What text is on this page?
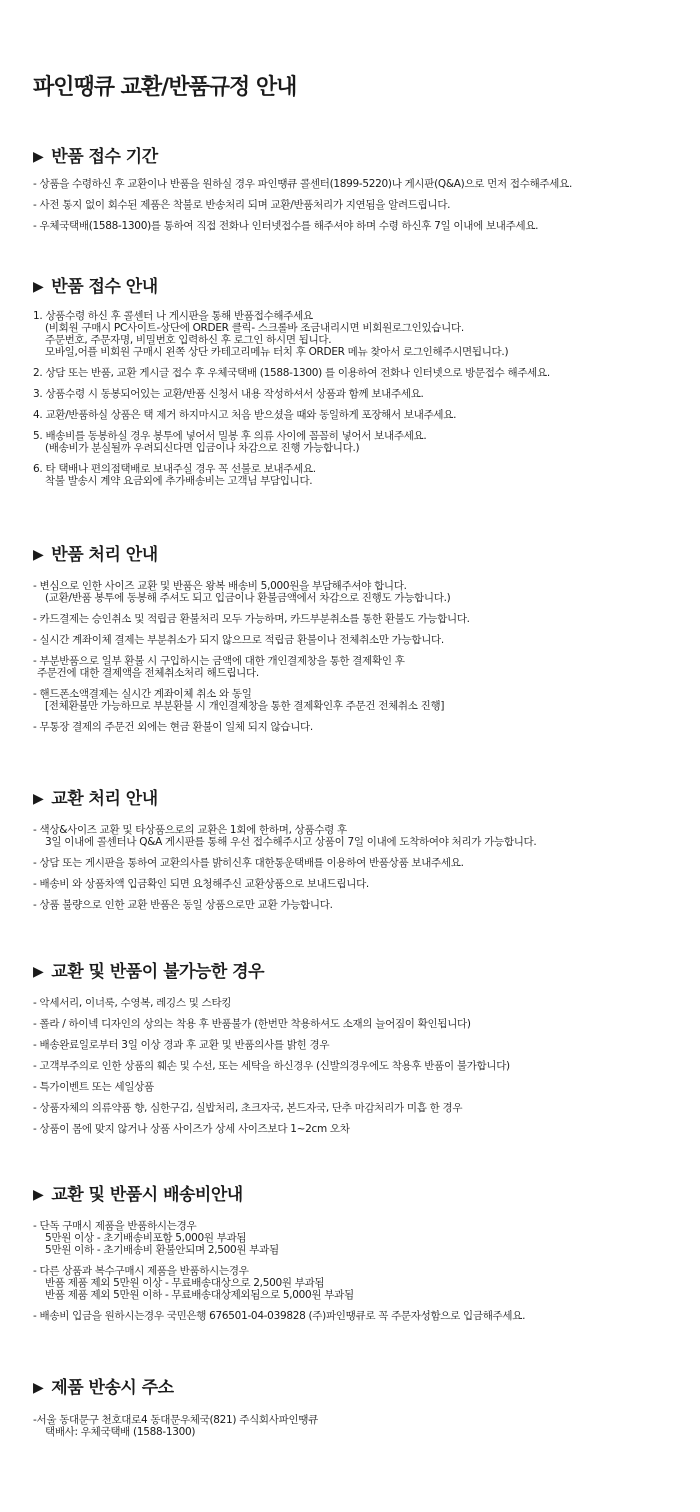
파인땡큐 교환/반품규정 안내
▶ 반품 접수 기간
- 상품을 수령하신 후 교환이나 반품을 원하실 경우 파인땡큐 콜센터(1899-5220)나 게시판(Q&A)으로 먼저 접수해주세요.
- 사전 통지 없이 회수된 제품은 착불로 반송처리 되며 교환/반품처리가 지연됨을 알려드립니다.
- 우체국택배(1588-1300)를 통하여 직접 전화나 인터넷접수를 해주셔야 하며 수령 하신후 7일 이내에 보내주세요.
▶ 반품 접수 안내
1. 상품수령 하신 후 콜센터 나 게시판을 통해 반품접수해주세요
(비회원 구매시 PC사이트-상단에 ORDER 클릭- 스크롤바 조금내리시면 비회원로그인있습니다.
주문번호, 주문자명, 비밀번호 입력하신 후 로그인 하시면 됩니다.
모바일,어플 비회원 구매시 왼쪽 상단 카테고리메뉴 터치 후 ORDER 메뉴 찾아서 로그인해주시면됩니다.)
2. 상담 또는 반품, 교환 게시글 접수 후 우체국택배 (1588-1300) 를 이용하여 전화나 인터넷으로 방문접수 해주세요.
3. 상품수령 시 동봉되어있는 교환/반품 신청서 내용 작성하셔서 상품과 함께 보내주세요.
4. 교환/반품하실 상품은 택 제거 하지마시고 처음 받으셨을 때와 동일하게 포장해서 보내주세요.
5. 배송비를 동봉하실 경우 봉투에 넣어서 밀봉 후 의류 사이에 꼼꼼히 넣어서 보내주세요.
(배송비가 분실될까 우려되신다면 입금이나 차감으로 진행 가능합니다.)
6. 타 택배나 편의점택배로 보내주실 경우 꼭 선불로 보내주세요.
착불 발송시 계약 요금외에 추가배송비는 고객님 부담입니다.
▶ 반품 처리 안내
- 변심으로 인한 사이즈 교환 및 반품은 왕복 배송비 5,000원을 부담해주셔야 합니다.
(교환/반품 봉투에 동봉해 주셔도 되고 입금이나 환불금액에서 차감으로 진행도 가능합니다.)
- 카드결제는 승인취소 및 적립금 환불처리 모두 가능하며, 카드부분취소를 통한 환불도 가능합니다.
- 실시간 계좌이체 결제는 부분취소가 되지 않으므로 적립금 환불이나 전체취소만 가능합니다.
- 부분반품으로 일부 환불 시 구입하시는 금액에 대한 개인결제창을 통한 결제확인 후
주문건에 대한 결제액을 전체취소처리 해드립니다.
- 핸드폰소액결제는 실시간 계좌이체 취소 와 동일
[전체환불만 가능하므로 부분환불 시 개인결제창을 통한 결제확인후 주문건 전체취소 진행]
- 무통장 결제의 주문건 외에는 현금 환불이 일체 되지 않습니다.
▶ 교환 처리 안내
- 색상&사이즈 교환 및 타상품으로의 교환은 1회에 한하며, 상품수령 후
3일 이내에 콜센터나 Q&A 게시판를 통해 우선 접수해주시고 상품이 7일 이내에 도착하여야 처리가 가능합니다.
- 상담 또는 게시판을 통하여 교환의사를 밝히신후 대한통운택배를 이용하여 반품상품 보내주세요.
- 배송비 와 상품차액 입금확인 되면 요청해주신 교환상품으로 보내드립니다.
- 상품 불량으로 인한 교환 반품은 동일 상품으로만 교환 가능합니다.
▶ 교환 및 반품이 불가능한 경우
- 악세서리, 이너룩, 수영복, 레깅스 및 스타킹
- 폴라 / 하이넥 디자인의 상의는 착용 후 반품불가 (한번만 착용하셔도 소재의 늘어짐이 확인됩니다)
- 배송완료일로부터 3일 이상 경과 후 교환 및 반품의사를 밝힌 경우
- 고객부주의로 인한 상품의 훼손 및 수선, 또는 세탁을 하신경우 (신발의경우에도 착용후 반품이 불가합니다)
- 특가이벤트 또는 세일상품
- 상품자체의 의류약품 향, 심한구김, 실밥처리, 초크자국, 본드자국, 단추 마감처리가 미흡 한 경우
- 상품이 몸에 맞지 않거나 상품 사이즈가 상세 사이즈보다 1~2cm 오차
▶ 교환 및 반품시 배송비안내
- 단독 구매시 제품을 반품하시는경우
5만원 이상 - 초기배송비포함 5,000원 부과됨
5만원 이하 - 초기배송비 환불안되며 2,500원 부과됨
- 다른 상품과 복수구매시 제품을 반품하시는경우
반품 제품 제외 5만원 이상 - 무료배송대상으로 2,500원 부과됨
반품 제품 제외 5만원 이하 - 무료배송대상제외됨으로 5,000원 부과됨
- 배송비 입금을 원하시는경우 국민은행 676501-04-039828 (주)파인땡큐로 꼭 주문자성함으로 입금해주세요.
▶ 제품 반송시 주소
-서울 동대문구 천호대로4 동대문우체국(821) 주식회사파인땡큐
택배사: 우체국택배 (1588-1300)
